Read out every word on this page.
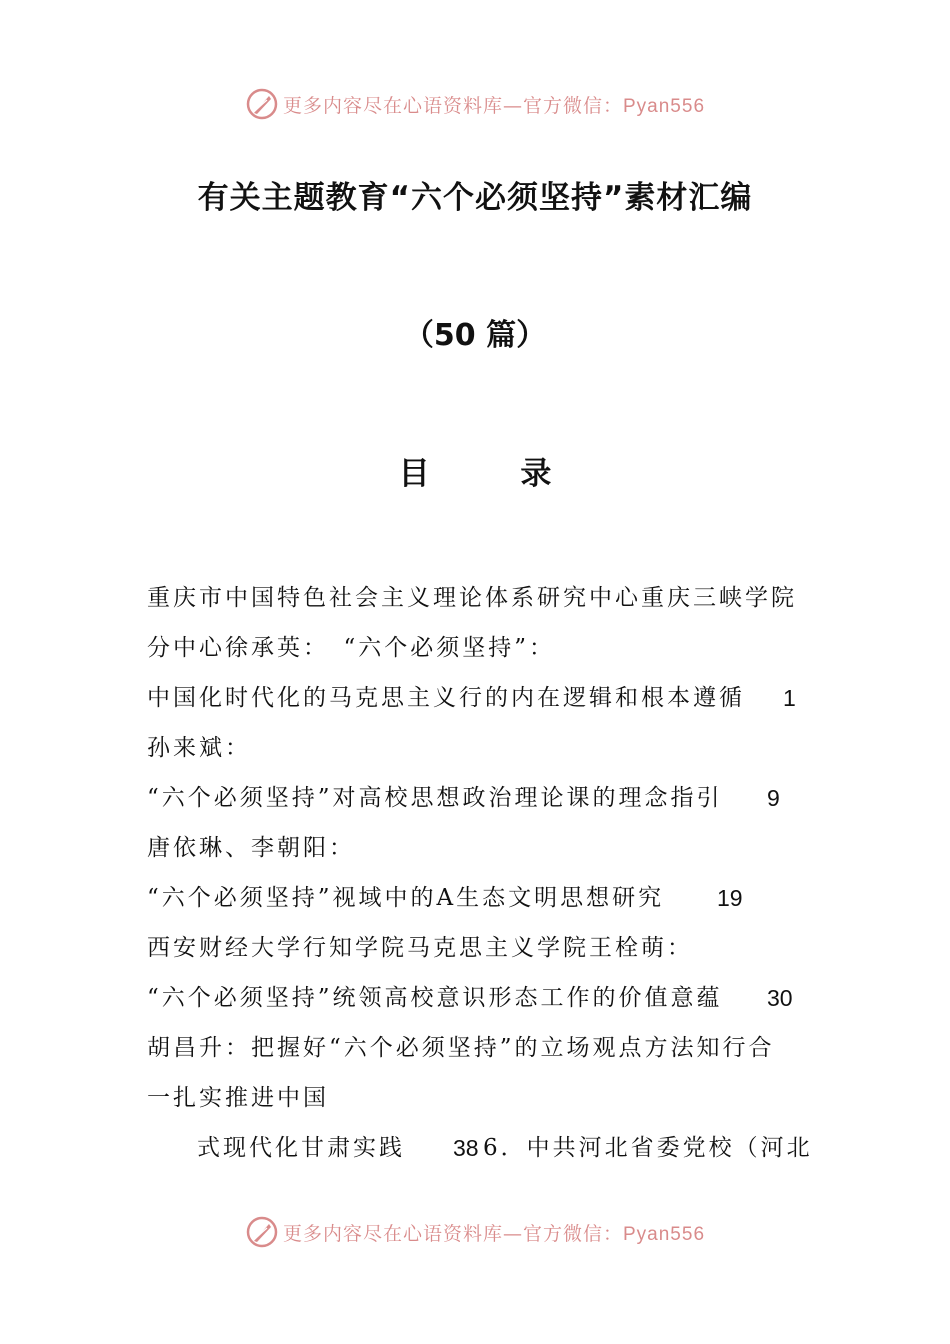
更多内容尽在心语资料库—官方微信：Pyan556
有关主题教育“六个必须坚持”素材汇编
（50 篇）
目 录
重庆市中国特色社会主义理论体系研究中心重庆三峡学院
分中心徐承英：　“六个必须坚持”：
中国化时代化的马克思主义行的内在逻辑和根本遵循 1
孙来斌：
“六个必须坚持”对高校思想政治理论课的理念指引 9
唐依琳、李朝阳：
“六个必须坚持”视域中的A生态文明思想研究 19
西安财经大学行知学院马克思主义学院王栓萌：
“六个必须坚持”统领高校意识形态工作的价值意蕴 30
胡昌升：把握好“六个必须坚持”的立场观点方法知行合
一扎实推进中国
式现代化甘肃实践 38 6．中共河北省委党校（河北
更多内容尽在心语资料库—官方微信：Pyan556
